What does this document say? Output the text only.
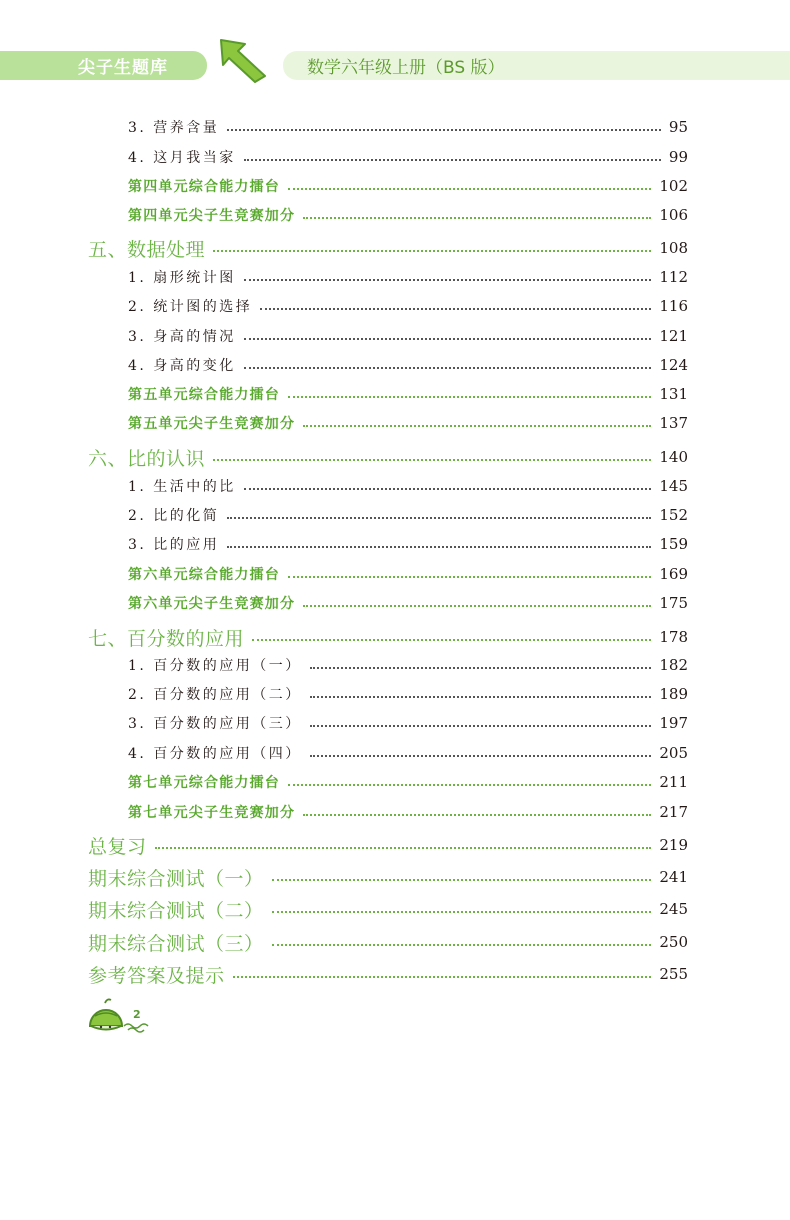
尖子生题库	数学六年级上册（BS 版）
3. 营养含量	95
4. 这月我当家	99
第四单元综合能力擂台	102
第四单元尖子生竞赛加分	106
五、数据处理	108
1. 扇形统计图	112
2. 统计图的选择	116
3. 身高的情况	121
4. 身高的变化	124
第五单元综合能力擂台	131
第五单元尖子生竞赛加分	137
六、比的认识	140
1. 生活中的比	145
2. 比的化简	152
3. 比的应用	159
第六单元综合能力擂台	169
第六单元尖子生竞赛加分	175
七、百分数的应用	178
1. 百分数的应用（一）	182
2. 百分数的应用（二）	189
3. 百分数的应用（三）	197
4. 百分数的应用（四）	205
第七单元综合能力擂台	211
第七单元尖子生竞赛加分	217
总复习	219
期末综合测试（一）	241
期末综合测试（二）	245
期末综合测试（三）	250
参考答案及提示	255
2
